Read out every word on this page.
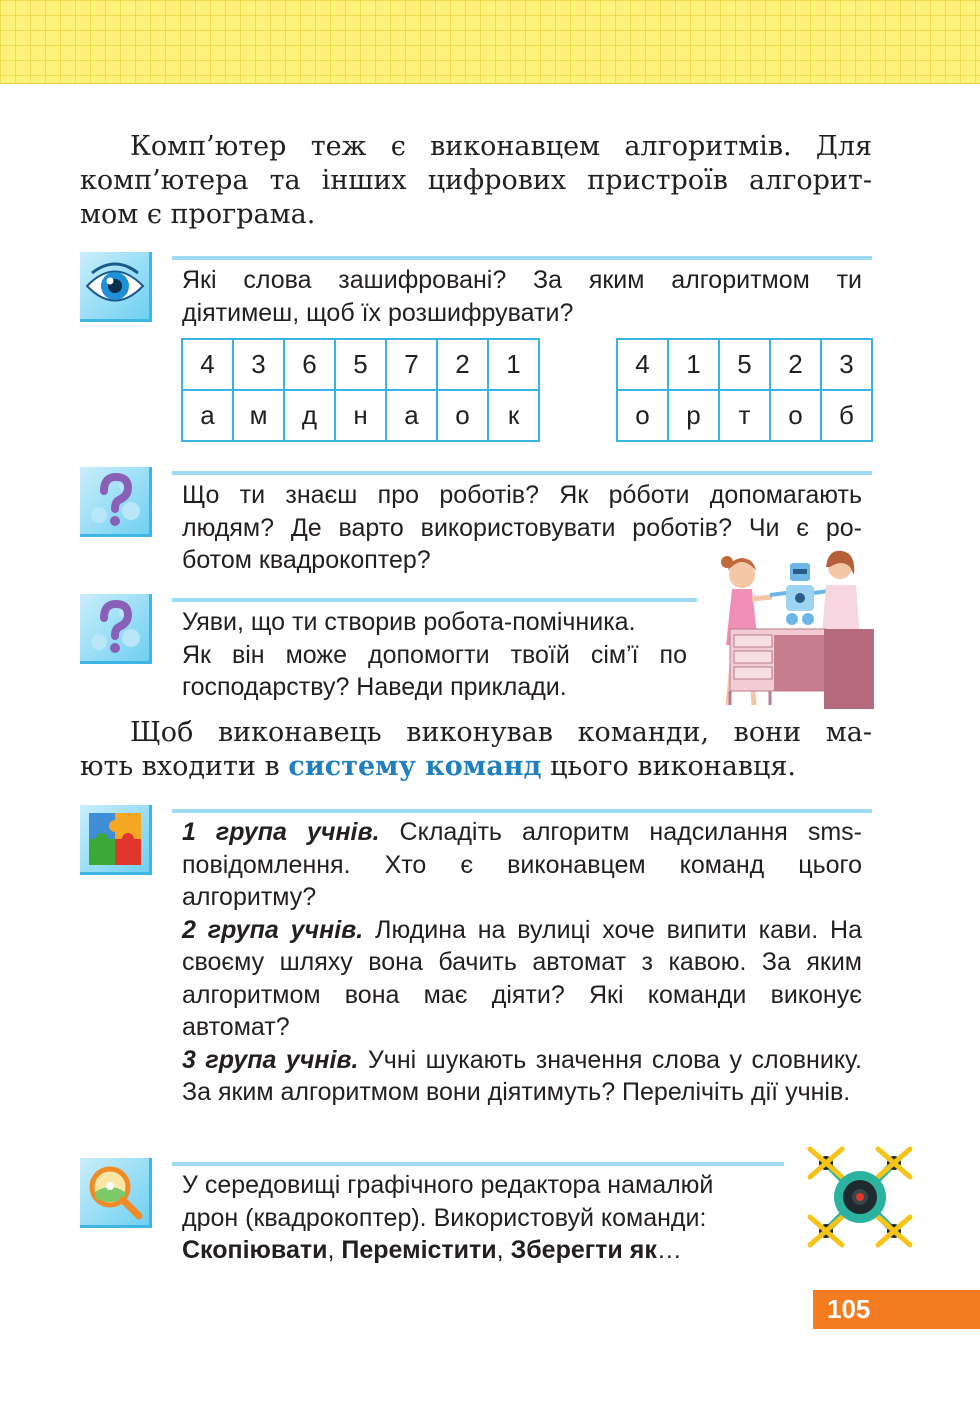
Комп’ютер теж є виконавцем алгоритмів. Для
комп’ютера та інших цифрових пристроїв алгорит-
мом є програма.
Які слова зашифровані? За яким алгоритмом ти
діятимеш, щоб їх розшифрувати?
4	3	6	5	7	2	1
а	м	д	н	а	о	к
4	1	5	2	3
о	р	т	о	б
Що ти знаєш про роботів? Як рóботи допомагають
людям? Де варто використовувати роботів? Чи є ро-
ботом квадрокоптер?
Уяви, що ти створив робота-помічника.
Як він може допомогти твоїй сім’ї по
господарству? Наведи приклади.
Щоб виконавець виконував команди, вони ма-
ють входити в систему команд цього виконавця.
1 група учнів. Складіть алгоритм надсилання sms-повідомлення. Хто є виконавцем команд цього алгоритму?
2 група учнів. Людина на вулиці хоче випити кави. На своєму шляху вона бачить автомат з кавою. За яким алгоритмом вона має діяти? Які команди виконує автомат?
3 група учнів. Учні шукають значення слова у словнику. За яким алгоритмом вони діятимуть? Перелічіть дії учнів.
У середовищі графічного редактора намалюй
дрон (квадрокоптер). Використовуй команди:
Скопіювати, Перемістити, Зберегти як…
105
